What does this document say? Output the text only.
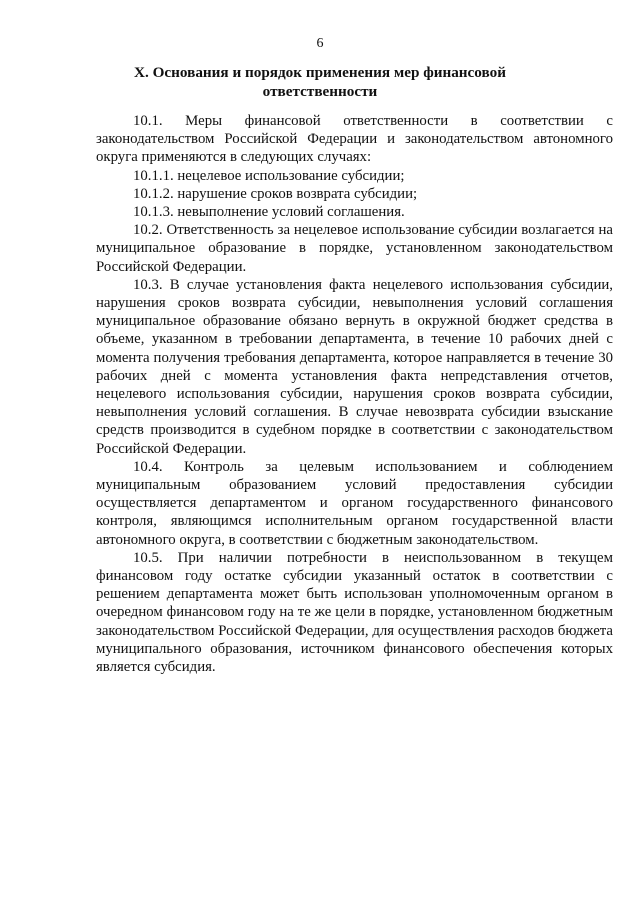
6
X. Основания и порядок применения мер финансовой
ответственности

10.1. Меры финансовой ответственности в соответствии с законодательством Российской Федерации и законодательством автономного округа применяются в следующих случаях:

10.1.1. нецелевое использование субсидии;

10.1.2. нарушение сроков возврата субсидии;

10.1.3. невыполнение условий соглашения.

10.2. Ответственность за нецелевое использование субсидии возлагается на муниципальное образование в порядке, установленном законодательством Российской Федерации.

10.3. В случае установления факта нецелевого использования субсидии, нарушения сроков возврата субсидии, невыполнения условий соглашения муниципальное образование обязано вернуть в окружной бюджет средства в объеме, указанном в требовании департамента, в течение 10 рабочих дней с момента получения требования департамента, которое направляется в течение 30 рабочих дней с момента установления факта непредставления отчетов, нецелевого использования субсидии, нарушения сроков возврата субсидии, невыполнения условий соглашения. В случае невозврата субсидии взыскание средств производится в судебном порядке в соответствии с законодательством Российской Федерации.

10.4. Контроль за целевым использованием и соблюдением муниципальным образованием условий предоставления субсидии осуществляется департаментом и органом государственного финансового контроля, являющимся исполнительным органом государственной власти автономного округа, в соответствии с бюджетным законодательством.

10.5. При наличии потребности в неиспользованном в текущем финансовом году остатке субсидии указанный остаток в соответствии с решением департамента может быть использован уполномоченным органом в очередном финансовом году на те же цели в порядке, установленном бюджетным законодательством Российской Федерации, для осуществления расходов бюджета муниципального образования, источником финансового обеспечения которых является субсидия.
